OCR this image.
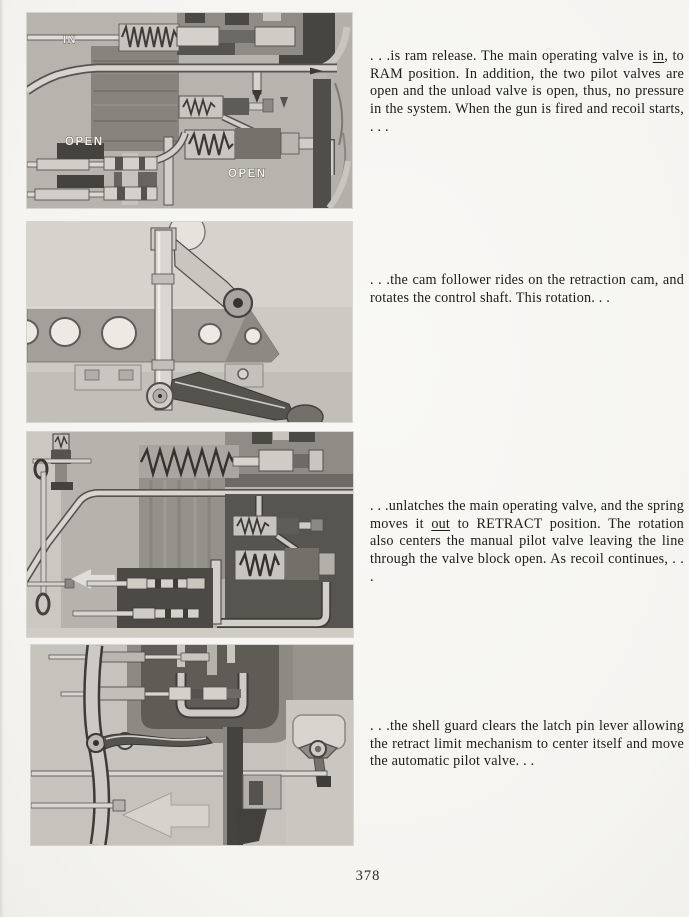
IN
OPEN
OPEN

. . .is ram release. The main operating valve is in, to RAM position. In addition, the two pilot valves are open and the unload valve is open, thus, no pressure in the system. When the gun is fired and recoil starts, . . .

. . .the cam follower rides on the retraction cam, and rotates the control shaft. This rotation. . .

. . .unlatches the main operating valve, and the spring moves it out to RETRACT position. The rotation also centers the manual pilot valve leaving the line through the valve block open. As recoil continues, . . .

. . .the shell guard clears the latch pin lever allowing the retract limit mechanism to center itself and move the automatic pilot valve. . .

378
